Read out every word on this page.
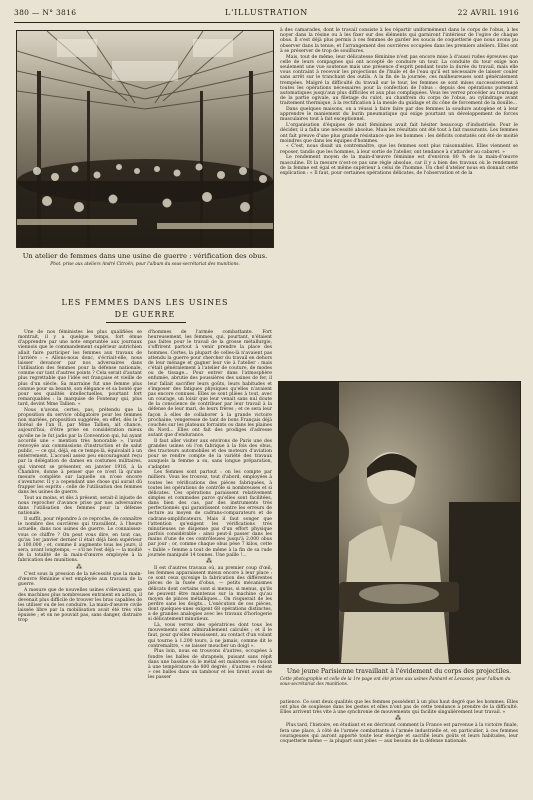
380 — N° 3816	L'ILLUSTRATION	22 AVRIL 1916
Un atelier de femmes dans une usine de guerre : vérification des obus.
Phot. prise aux ateliers André Citroën, pour l'album du sous-secrétariat des munitions.
LES FEMMES DANS LES USINES
DE GUERRE

Une de nos féministes les plus qualifiées se montrait, il y a quelque temps, fort émue d'apprendre par une note empruntée aux journaux viennois que le commandement supérieur autrichien allait faire participer les femmes aux travaux de l'arrière : « Allons-nous donc, s'écriait-elle, nous laisser devancer par nos adversaires dans l'utilisation des femmes pour la défense nationale, comme sur tant d'autres points ? Cela serait d'autant plus regrettable que l'idée est française et vieille de plus d'un siècle. Sa marraine fut une femme plus connue pour sa beauté, son élégance et sa bonté que pour ses qualités intellectuelles, pourtant fort remarquables : la marquise de Fontenay qui, plus tard, devint Mme Tallien. »

Nous n'avons, certes, pas, prétendu que la proposition du service obligatoire pour les femmes non mariées, proposition suggérée, en effet, dès le 5 floréal de l'an II, par Mme Tallien, ait chance, aujourd'hui, d'être prise en considération mieux qu'elle ne le fut jadis par la Convention qui, lui ayant accordé une « mention très honorable », l'avait renvoyée aux commissions d'instruction et de salut public, — ce qui, déjà, en ce temps-là, équivalait à un enterrement. L'accueil assez peu encourageant reçu par la délégation de dames en costumes militaires, qui vinrent se présenter, en janvier 1916, à la Chambre, donne à penser que ce n'est là qu'une mesure complète sur laquelle on n'ose encore s'aventurer. Il y a cependant une chose qui aurait dû frapper les esprits : celle de l'utilisation des femmes dans les usines de guerre.

Tout au moins, et dès à présent, serait-il injuste de nous reprocher d'avance prise par nos adversaires dans l'utilisation des femmes pour la défense nationale.

Il suffit, pour répondre à ce reproche, de connaître le nombre des ouvrières qui travaillent, à l'heure actuelle, dans nos usines de guerre. Le connaissez-vous ce chiffre ? On peut vous dire, en tout cas, qu'au 1er janvier dernier il était déjà bien supérieur à 100.000 ; et, comme il augmente tous les jours, il sera, avant longtemps, — s'il ne l'est déjà — la moitié de la totalité de la main-d'œuvre employée à la fabrication des munitions.

⁂

C'est sous la pression de la nécessité que la main-d'œuvre féminine s'est employée aux travaux de la guerre.

A mesure que de nouvelles usines s'élevaient, que des machines plus nombreuses entraient en action, il devenait plus difficile de trouver les bras capables de les utiliser ou de les conduire. La main-d'œuvre civile laissée libre par la mobilisation avait été très vite épuisée ; et on ne pouvait pas, sans danger, distraire trop

d'hommes de l'armée combattante. Fort heureusement, les femmes, qui, pourtant, n'étaient pas faites pour le travail de la grosse métallurgie, s'offrirent partout à venir prendre la place des hommes. Certes, la plupart de celles-là n'avaient pas attendu la guerre pour chercher du travail en dehors de leur ménage et gagner leur vie à l'atelier : mais c'était généralement à l'atelier de couture, de modes ou de tissage... Pour entrer dans l'atmosphère enfumée, abrutie des poussières des usines de fer, il leur fallait sacrifier leurs goûts, leurs habitudes et s'imposer des fatigues physiques qu'elles n'avaient pas encore connues. Elles se sont plièes à tout, avec un courage, un loisir que leur venait sans nul doute de la conscience de contribuer par leur travail à la défense de leur mari, de leurs frères ; et ce sera leur façon à elles de collaborer à la grande victoire prochaine, vengeresse de tant de bons Français déjà couchés sur les plateaux forraints ou dans les plaines du Nord... Elles ont fait des prodiges d'adresse autant que d'endurance.

Il faut aller visiter aux environs de Paris une des grandes usines où l'on fabrique à la fois des obus, des tracteurs automobiles et des moteurs d'aviation pour se rendre compte de la variété des travaux auxquels la femme a su, sans longue préparation, s'adapter.

Les femmes sont partout : on les compte par milliers. Vous les trouvez, tout d'abord, employées à toutes les vérifications des pièces fabriquées, à toutes les opérations de contrôle si nombreuses et si délicates. Ces opérations paraissent relativement simples et commodes parce qu'elles sont facilitées, dans bien des cas, par des instruments très perfectionnés qui garantissent contre les erreurs de lecture au moyen de cadrans-comparateurs et de cadrans-amplificateurs. Mais il faut songer que l'attention qu'exigent les vérifications très minutieuses ne dispense pas d'un effort physique parfois considérable : ainsi peut-il passer dans les mains d'une de ces contrôleuses jusqu'à 2.000 obus par jour ; or, comme chaque obus pèse 7 kilos, cette « faible » femme a tout de même à la fin de sa rude journée manipulé 14 tonnes. Une paille !...

⁂

Il est d'autres travaux où, au premier coup d'œil, les femmes apparaissent mieux encore à leur place : ce sont ceux qu'exige la fabrication des différentes pièces de la fusée d'obus, — petits mécanismes délicats dont certains sont si menus, si menus, qu'ils ne peuvent être maintenus sur la machine qu'au moyen de pinces métalliques... On risquerait de les perdre sans les doigts... L'exécution de ces pièces, dont quelques-unes exigent 68 opérations distinctes, a de grandes analogies avec les travaux d'horlogerie si délicatement minutieux.

Là, vous verrez des opératrices dont tous les mouvements sont admirablement calculés ; et il le faut, pour qu'elles réussissent, au contact d'un volant qui tourne à 1.200 tours, à ne jamais, comme dit le contremaître, « se laisser moucher un doigt ».

Plus loin, nous en trouvons d'autres, occupées à fondre les balles de shrapnels, puisant sans répit dans une bassine où le métal est maintenu en fusion à une température de 800 degrés ; d'autres « rodent » ces balles dans un tambour et les tirent avant de les passer

à des camarades, dont le travail consiste à les répartir uniformément dans le corps de l'obus, à les noyer dans la résine ou à les fixer sur des éléments qui garniront l'intérieur de l'ogive de chaque obus. Il s'est déjà plus permis à ces femmes de garder les soucis de coquetterie que nous avons pu observer dans la tenue, et l'arrangement des ouvrières occupées dans les premiers ateliers. Elles ont à se préserver de trop de souillures.

Mais, tout de même, leur délicatesse féminine n'est pas encore mise à d'aussi rudes épreuves que celle de leurs compagnes qui ont accepté de conduire un tour. La conduite du tour exige non seulement une vue soutenue mais une présence d'esprit pendant toute la durée du travail, mais elle vous contraint à recevoir les projections de l'huile et de l'eau qu'il est nécessaire de laisser couler sans arrêt sur le tranchant des outils. A la fin de la journée, ces malheureuses sont généralement trempées. Malgré la difficulté du travail sur le tour, les femmes se sont mises successivement à toutes les opérations nécessaires pour la confection de l'obus : depuis des opérations purement automatiques jusqu'aux plus difficiles et aux plus compliquées. Vous les verrez procéder au tournage de la partie ogivale, au filetage du culot, au chanfrein du corps de l'obus, au cylindrage avant traitement thermique, à la rectification à la meule du guidage et du cône de forcement de la douille...

Dans quelques maisons, on a réussi à faire faire par des femmes la soudure autogène et à leur apprendre le maniement du burin pneumatique qui exige pourtant un développement de forces musculaires tout à fait exceptionnel.

L'organisation d'équipes de nuit féminines avait fait hésiter beaucoup d'industriels. Pour le décider, il a fallu une nécessité absolue. Mais les résultats ont été tout à fait rassurants. Les femmes ont fait preuve d'une plus grande résistance que les hommes : les déficits constatés ont été de moitié moindres que dans les équipes d'hommes.

« C'est, nous disait un contremaître, que les femmes sont plus raisonnables. Elles viennent se reposer, tandis que les hommes, à leur sortie de l'atelier, ont tendance à s'attarder au cabaret. »

Le rendement moyen de la main-d'œuvre féminine est d'environ 80 % de la main-d'œuvre masculine. Et la mesure n'est-ce pas une règle absolue, car il y a bien des travaux où le rendement de la femme est égal et même supérieur à celui de l'homme. Un chef d'atelier nous en donnait cette explication : « Il faut, pour certaines opérations délicates, de l'observation et de la

Une jeune Parisienne travaillant à l'évidement du corps des projectiles.
Cette photographie et celle de la 1re page ont été prises aux usines Panhard et Levassor, pour l'album du sous-secrétariat des munitions.

patience. Ce sont deux qualités que les femmes possèdent à un plus haut degré que les hommes. Elles ont plus de souplesse dans les gestes et elles n'ont pas de cette tendance à prendre de la difficulté. Elles arrivent très vite à une synchronie de mouvements qui facilite singulièrement leur travail. »

⁂

Plus tard, l'histoire, en étudiant et en décrivant comment la France est parvenue à la victoire finale, fera une place, à côté de l'armée combattante à l'armée industrielle et, en particulier, à ces femmes courageuses qui auront apporté toute leur énergie et sacrifié leurs goûts et leurs habitudes, leur coquetterie même — la plupart sont jolies — aux besoins de la défense nationale.
